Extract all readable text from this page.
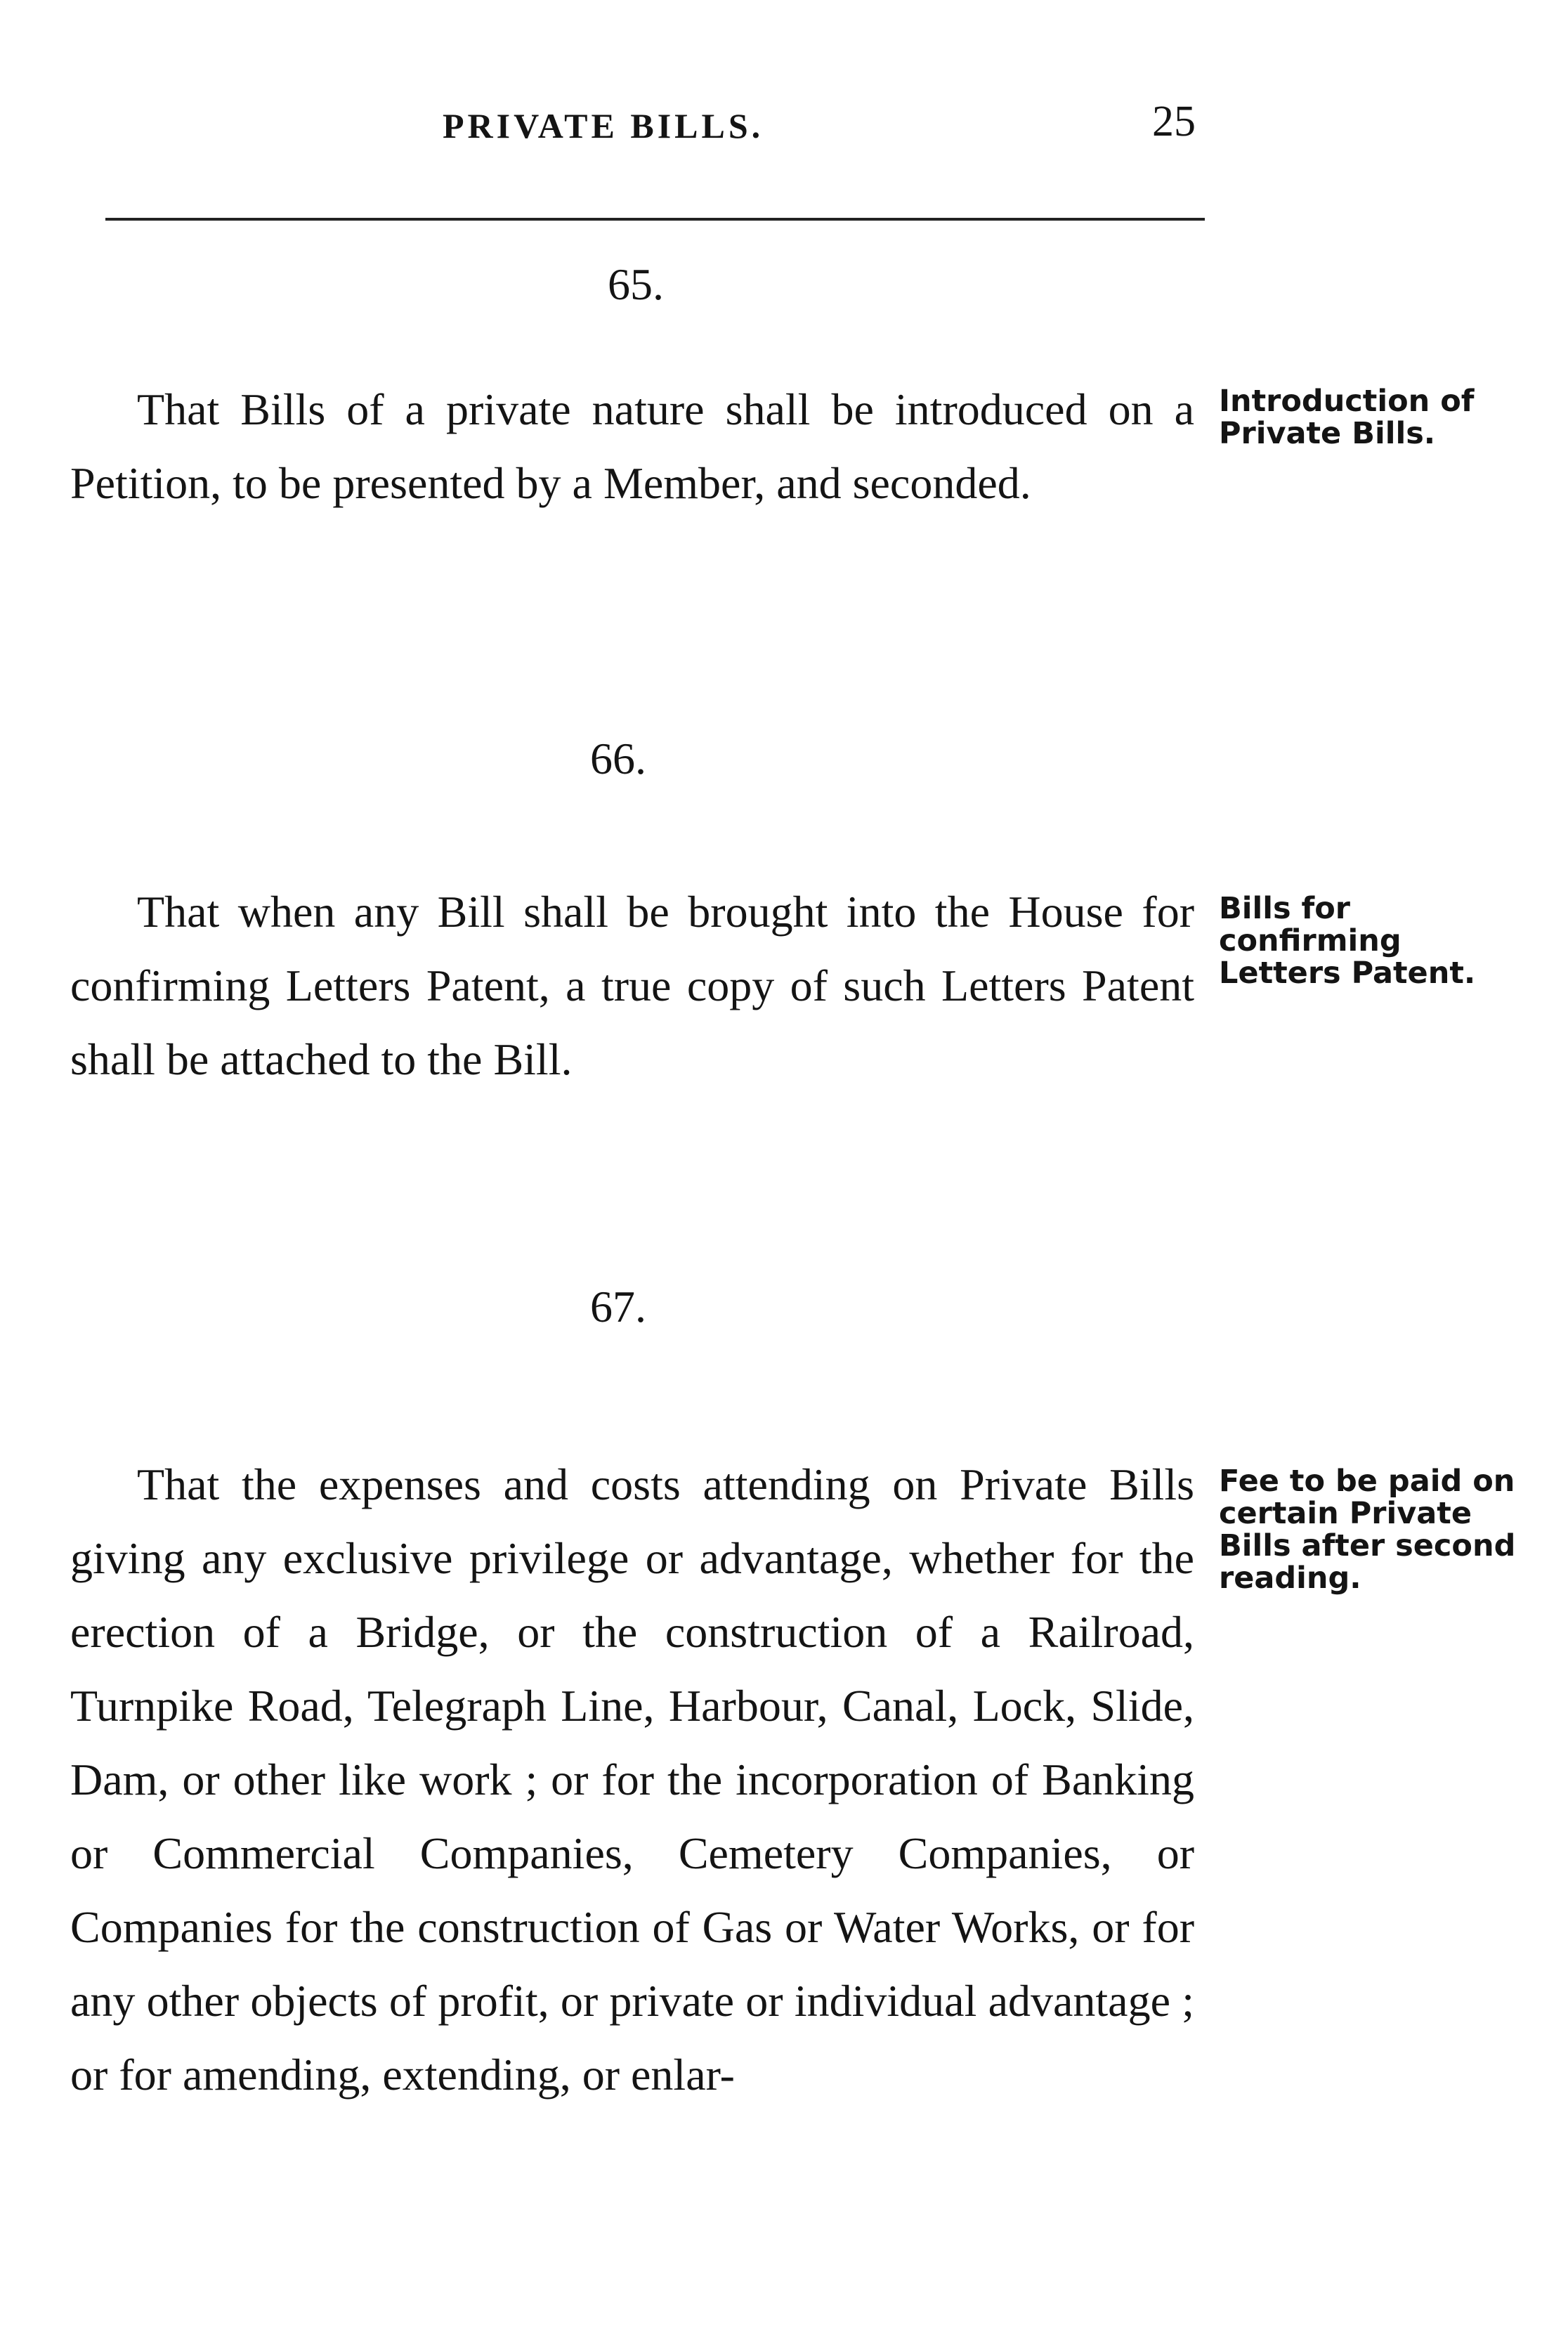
PRIVATE BILLS.	25
65.

That Bills of a private nature shall be introduced on a Petition, to be presented by a Member, and seconded.

Introduction of Private Bills.

66.

That when any Bill shall be brought into the House for confirming Letters Patent, a true copy of such Letters Patent shall be attached to the Bill.

Bills for confirming Letters Patent.

67.

That the expenses and costs attending on Private Bills giving any exclusive privilege or advantage, whether for the erection of a Bridge, or the construction of a Railroad, Turnpike Road, Telegraph Line, Harbour, Canal, Lock, Slide, Dam, or other like work ; or for the incorporation of Banking or Commercial Companies, Cemetery Companies, or Companies for the construction of Gas or Water Works, or for any other objects of profit, or private or individual advantage ; or for amending, extending, or enlar-

Fee to be paid on certain Private Bills after second reading.
